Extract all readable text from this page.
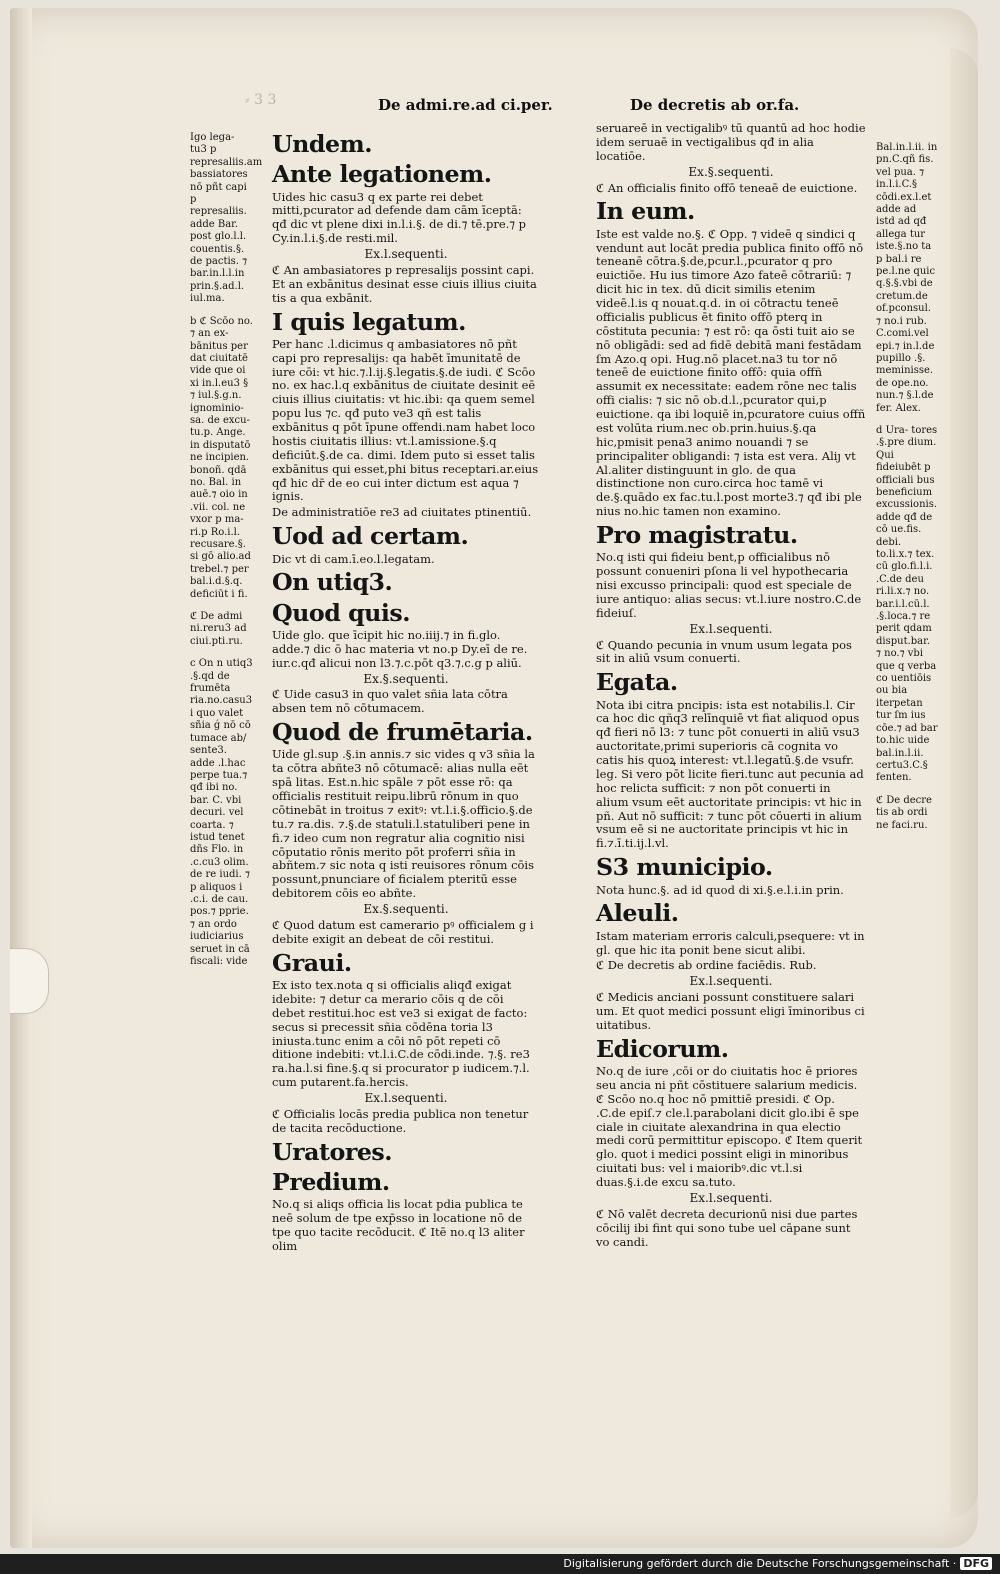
⸗ 3 3	De admi.re.ad ci.per.	De decretis ab or.fa.

Igo lega- tu3 p represaliis.am bassiatores nō pñt capi p represaliis. adde Bar. post glo.l.l. couentis.§. de pactis. ⁊ bar.in.l.l.in prin.§.ad.l. iul.ma.

b ℭ Scōo no. ⁊ an ex- bānitus per dat ciuitatē vide que oi xi in.l.eu3 § ⁊ iul.§.g.n. ignominio- sa. de excu- tu.p. Ange. in disputatō ne incipien. bonoñ. qdā no. Bal. in auē.⁊ oio in .vii. col. ne vxor p ma- ri.p Ro.i.l. recusare.§. si gō alio.ad trebel.⁊ per bal.i.d.§.q. deficiūt i fi.

ℭ De admi ni.reru3 ad ciui.pti.ru.

c On n utiq3 .§.qd de frumēta ria.no.casu3 i quo valet sñia ǵ nō cō tumace ab/ sente3. adde .l.hac perpe tua.⁊ qđ ibi no. bar. C. vbi decuri. vel coarta. ⁊ istud tenet dñs Flo. in .c.cu3 olim. de re iudi. ⁊ p aliquos i .c.i. de cau. pos.⁊ pprie. ⁊ an ordo iudiciarius seruet in cā fiscali: vide

Undem.
Ante legationem.

Uides hic casu3 q ex parte rei debet mitti,pcurator ad defende dam cām īceptā: qđ dic vt plene dixi in.l.i.§. de di.⁊ tē.pre.⁊ p Cy.in.l.i.§.de resti.mil.

Ex.l.sequenti.

ℭ An ambasiatores p represalijs possint capi. Et an exbānitus desinat esse ciuis illius ciuita tis a qua exbānit.

I quis legatum.

Per hanc .l.dicimus q ambasiatores nō pñt capi pro represalijs: qa habēt īmunitatē de iure cōi: vt hic.⁊.l.ij.§.legatis.§.de iudi. ℭ Scōo no. ex hac.l.q exbānitus de ciuitate desinit eē ciuis illius ciuitatis: vt hic.ibi: qa quem semel popu lus ⁊c. qđ puto ve3 qñ est talis exbānitus q pōt īpune offendi.nam habet loco hostis ciuitatis illius: vt.l.amissione.§.q deficiūt.§.de ca. dimi. Idem puto si esset talis exbānitus qui esset,phi bitus receptari.ar.eius qđ hic dr̄ de eo cui inter dictum est aqua ⁊ ignis.

De administratiōe re3 ad ciuitates ptinentiū.

Uod ad certam.

Dic vt di cam.ī.eo.l.legatam.

On utiq3.
Quod quis.

Uide glo. que īcipit hic no.iiij.⁊ in fi.glo. adde.⁊ dic ō hac materia vt no.p Dy.eī de re. iur.c.qđ alicui non l3.⁊.c.pōt q3.⁊.c.g p aliū.

Ex.§.sequenti.

ℭ Uide casu3 in quo valet sñia lata cōtra absen tem nō cōtumacem.

Quod de frumētaria.

Uide gl.sup .§.in annis.⁊ sic vides q v3 sñia la ta cōtra abñte3 nō cōtumacē: alias nulla eēt spā litas. Est.n.hic spāle ⁊ pōt esse rō: qa officialis restituit reipu.librū rōnum in quo cōtinebāt in troitus ⁊ exitꝰ: vt.l.i.§.officio.§.de tu.⁊ ra.dis. ⁊.§.de statuli.l.statuliberi pene in fi.⁊ ideo cum non regratur alia cognitio nisi cōputatio rōnis merito pōt proferri sñia in abñtem.⁊ sic nota q isti reuisores rōnum cōis possunt,pnunciare of ficialem pteritū esse debitorem cōis eo abñte.

Ex.§.sequenti.

ℭ Quod datum est camerario pꝰ officialem g i debite exigit an debeat de cōi restitui.

Graui.

Ex isto tex.nota q si officialis aliqđ exigat idebite: ⁊ detur ca merario cōis q de cōi debet restitui.hoc est ve3 si exigat de facto: secus si precessit sñia cōdēna toria l3 iniusta.tunc enim a cōi nō pōt repeti cō ditione indebiti: vt.l.i.C.de cōdi.inde. ⁊.§. re3 ra.ha.l.si fine.§.q si procurator p iudicem.⁊.l. cum putarent.fa.hercis.

Ex.l.sequenti.

ℭ Officialis locās predia publica non tenetur de tacita recōductione.

Uratores.
Predium.

No.q si aliqs officia lis locat pdia publica te neē solum de tpe exp̄sso in locatione nō de tpe quo tacite recōducit. ℭ Itē no.q l3 aliter olim

seruareē in vectigalibꝰ tū quantū ad hoc hodie idem seruaē in vectigalibus qđ in alia locatiōe.

Ex.§.sequenti.

ℭ An officialis finito offō teneaē de euictione.

In eum.

Iste est valde no.§. ℭ Opp. ⁊ videē q sindici q vendunt aut locāt predia publica finito offō nō teneanē cōtra.§.de,pcur.l.,pcurator q pro euictiōe. Hu ius timore Azo fateē cōtrariū: ⁊ dicit hic in tex. dū dicit similis etenim videē.l.is q nouat.q.d. in oi cōtractu teneē officialis publicus ēt finito offō pterq in cōstituta pecunia: ⁊ est rō: qa ōsti tuit aio se nō obligādi: sed ad fidē debitā mani festādam ſm Azo.q opi. Hug.nō placet.na3 tu tor nō teneē de euictione finito offō: quia offñ assumit ex necessitate: eadem rōne nec talis offi cialis: ⁊ sic nō ob.d.l.,pcurator qui,p euictione. qa ibi loquiē in,pcuratore cuius offñ est volūta rium.nec ob.prin.huius.§.qa hic,pmisit pena3 animo nouandi ⁊ se principaliter obligandi: ⁊ ista est vera. Aliȷ vt Al.aliter distinguunt in glo. de qua distinctione non curo.circa hoc tamē vi de.§.quādo ex fac.tu.l.post morte3.⁊ qđ ibi ple nius no.hic tamen non examino.

Pro magistratu.

No.q isti qui fideiu bent,p officialibus nō possunt conueniri pſona li vel hypothecaria nisi excusso principali: quod est speciale de iure antiquo: alias secus: vt.l.iure nostro.C.de fideiuſ.

Ex.l.sequenti.

ℭ Quando pecunia in vnum usum legata pos sit in aliū vsum conuerti.

Egata.

Nota ibi citra pncipis: ista est notabilis.l. Cir ca hoc dic qñq3 relīnquiē vt fiat aliquod opus qđ fieri nō l3: ⁊ tunc pōt conuerti in aliū vsu3 auctoritate,primi superioris cā cognita vo catis his quoꝝ interest: vt.l.legatū.§.de vsufr. leg. Si vero pōt licite fieri.tunc aut pecunia ad hoc relicta sufficit: ⁊ non pōt conuerti in alium vsum eēt auctoritate principis: vt hic in pñ. Aut nō sufficit: ⁊ tunc pōt cōuerti in alium vsum eē si ne auctoritate principis vt hic in fi.⁊.ī.ti.ij.l.vl.

S3 municipio.

Nota hunc.§. ad id quod di xi.§.e.l.i.in prin.

Aleuli.

Istam materiam erroris calculi,psequere: vt in gl. que hic ita ponit bene sicut alibi.

ℭ De decretis ab ordine faciēdis. Rub.

Ex.l.sequenti.

ℭ Medicis anciani possunt constituere salari um. Et quot medici possunt eligi īminoribus ci uitatibus.

Edicorum.

No.q de iure ,cōi or do ciuitatis hoc ē priores seu ancia ni pñt cōstituere salarium medicis. ℭ Scōo no.q hoc nō pmittiē presidi. ℭ Op. .C.de epiſ.⁊ cle.l.parabolani dicit glo.ibi ē spe ciale in ciuitate alexandrina in qua electio medi corū permittitur episcopo. ℭ Item querit glo. quot i medici possint eligi in minoribus ciuitati bus: vel i maioribꝰ.dic vt.l.si duas.§.i.de excu sa.tuto.

Ex.l.sequenti.

ℭ Nō valēt decreta decurionū nisi due partes cōcilij ibi fint qui sono tube uel cāpane sunt vo candi.

Bal.in.l.ii. in pn.C.qñ fis. vel pua. ⁊ in.l.i.C.§ cōdi.ex.l.et adde ad istd ad qđ allega tur iste.§.no ta p bal.i re pe.l.ne quic q.§.§.vbi de cretum.de of.pconsul. ⁊ no.i rub. C.comi.vel epi.⁊ in.l.de pupillo .§. meminisse. de ope.no. nun.⁊ §.l.de fer. Alex.

d Ura- tores .§.pre dium. Qui fideiubēt p officiali bus beneficium excussionis. adde qđ de cō ue.fis. debi. to.li.x.⁊ tex. cū glo.fi.l.i. .C.de deu ri.li.x.⁊ no. bar.i.l.cū.l. .§.loca.⁊ re perit qdam disput.bar. ⁊ no.⁊ vbi que q verba co uentiōis ou bia iterpetan tur ſm ius cōe.⁊ ad bar to.hic uide bal.in.l.ii. certu3.C.§ fenten.

ℭ De decre tis ab ordi ne faci.ru.

Digitalisierung gefördert durch die Deutsche Forschungsgemeinschaft · DFG
